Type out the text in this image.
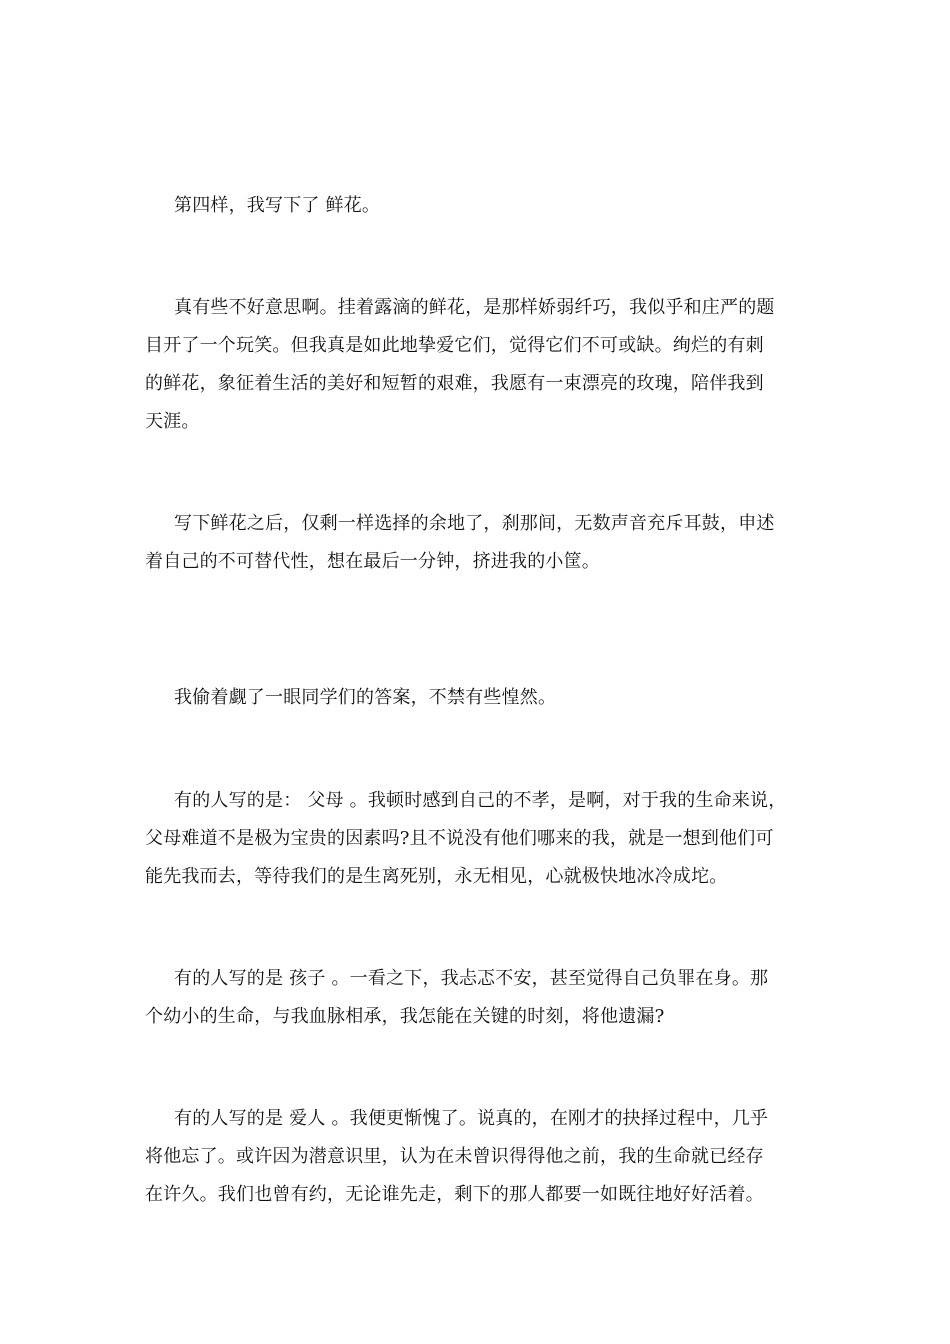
第四样，我写下了 鲜花。
真有些不好意思啊。挂着露滴的鲜花，是那样娇弱纤巧，我似乎和庄严的题
目开了一个玩笑。但我真是如此地挚爱它们，觉得它们不可或缺。绚烂的有刺
的鲜花，象征着生活的美好和短暂的艰难，我愿有一束漂亮的玫瑰，陪伴我到
天涯。
写下鲜花之后，仅剩一样选择的余地了，刹那间，无数声音充斥耳鼓，申述
着自己的不可替代性，想在最后一分钟，挤进我的小筐。
我偷着觑了一眼同学们的答案，不禁有些惶然。
有的人写的是： 父母 。我顿时感到自己的不孝，是啊，对于我的生命来说，
父母难道不是极为宝贵的因素吗?且不说没有他们哪来的我，就是一想到他们可
能先我而去，等待我们的是生离死别，永无相见，心就极快地冰冷成坨。
有的人写的是 孩子 。一看之下，我忐忑不安，甚至觉得自己负罪在身。那
个幼小的生命，与我血脉相承，我怎能在关键的时刻，将他遗漏?
有的人写的是 爱人 。我便更惭愧了。说真的，在刚才的抉择过程中，几乎
将他忘了。或许因为潜意识里，认为在未曾识得得他之前，我的生命就已经存
在许久。我们也曾有约，无论谁先走，剩下的那人都要一如既往地好好活着。
